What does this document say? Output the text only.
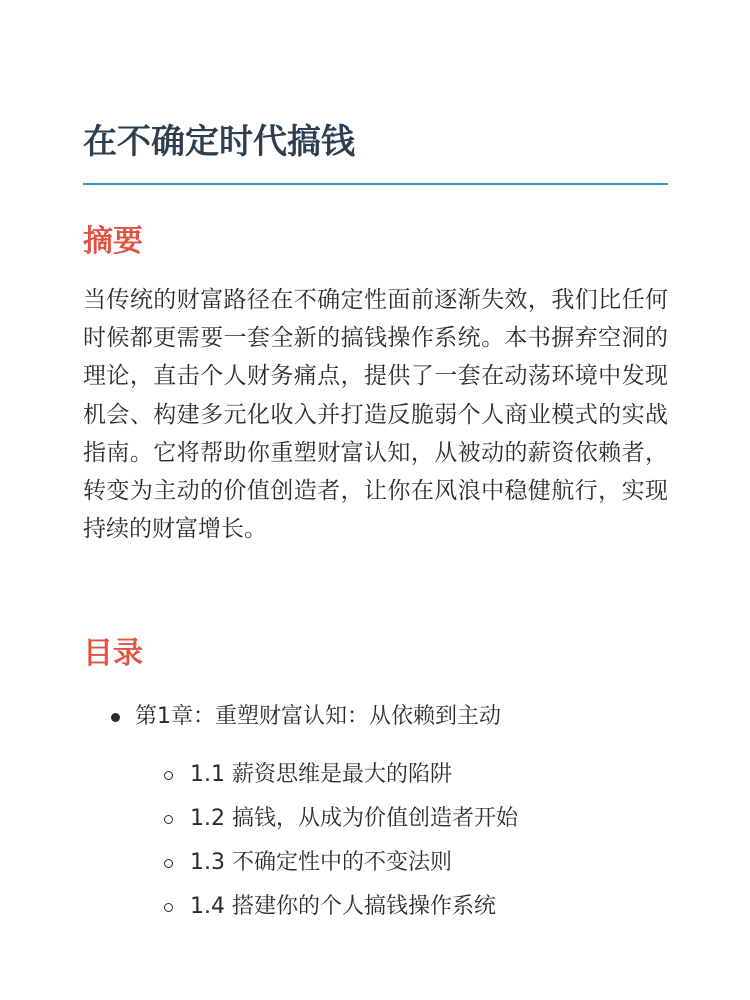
在不确定时代搞钱
摘要

当传统的财富路径在不确定性面前逐渐失效，我们比任何时候都更需要一套全新的搞钱操作系统。本书摒弃空洞的理论，直击个人财务痛点，提供了一套在动荡环境中发现机会、构建多元化收入并打造反脆弱个人商业模式的实战指南。它将帮助你重塑财富认知，从被动的薪资依赖者，转变为主动的价值创造者，让你在风浪中稳健航行，实现持续的财富增长。

目录
第1章：重塑财富认知：从依赖到主动
1.1 薪资思维是最大的陷阱
1.2 搞钱，从成为价值创造者开始
1.3 不确定性中的不变法则
1.4 搭建你的个人搞钱操作系统
